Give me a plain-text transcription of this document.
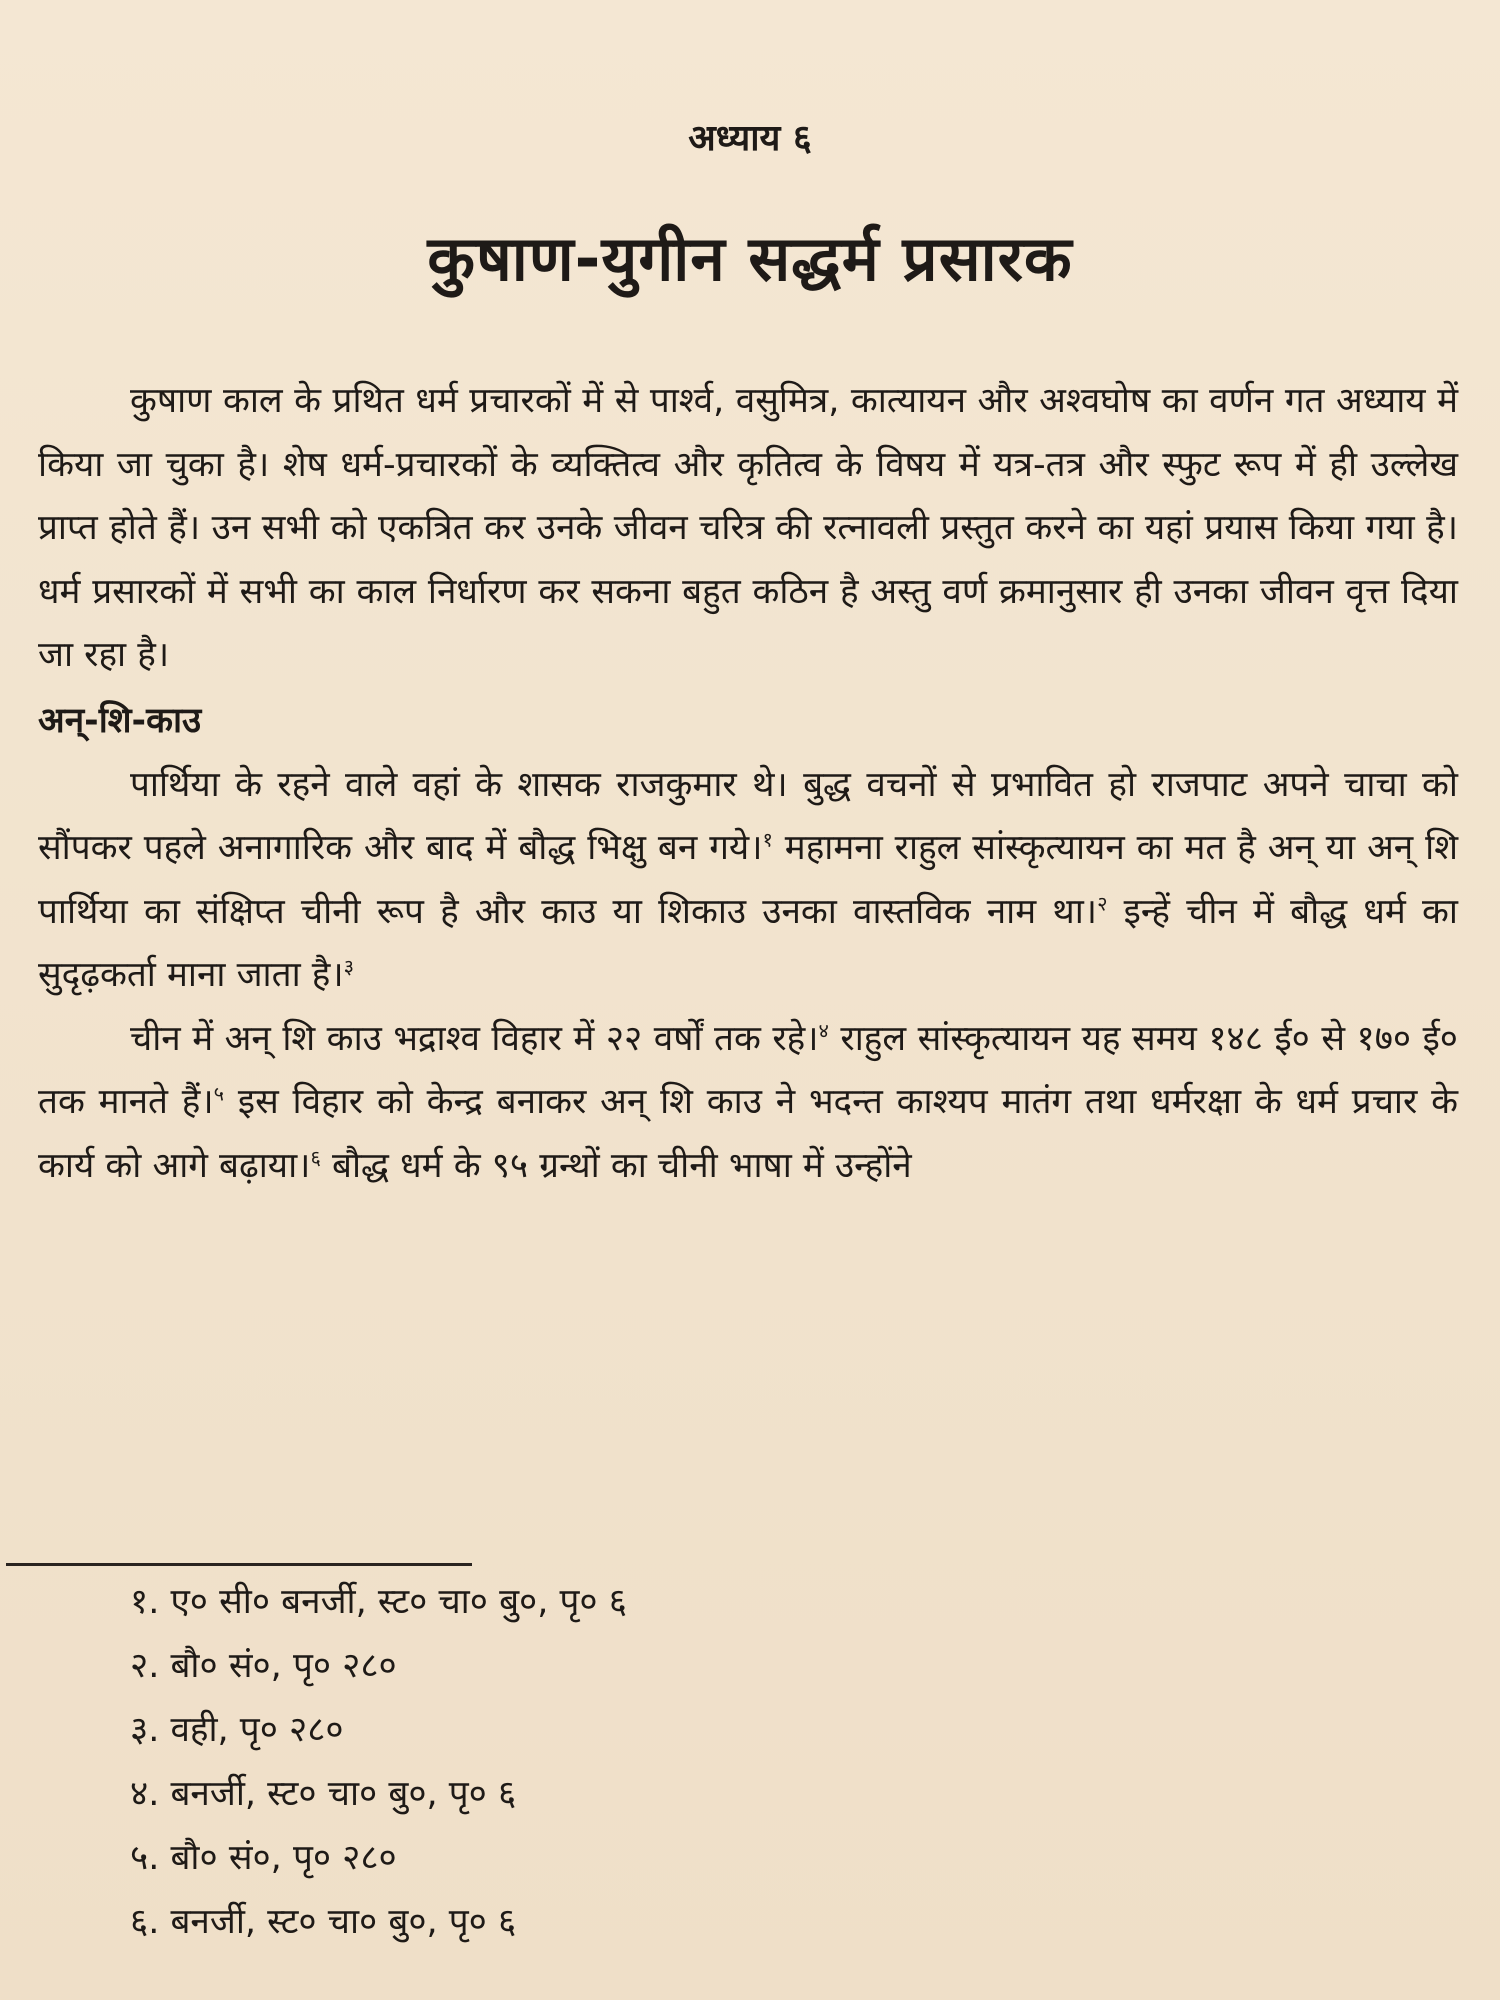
अध्याय ६
कुषाण-युगीन सद्धर्म प्रसारक

कुषाण काल के प्रथित धर्म प्रचारकों में से पार्श्व, वसुमित्र, कात्यायन और अश्वघोष का वर्णन गत अध्याय में किया जा चुका है। शेष धर्म-प्रचारकों के व्यक्तित्व और कृतित्व के विषय में यत्र-तत्र और स्फुट रूप में ही उल्लेख प्राप्त होते हैं। उन सभी को एकत्रित कर उनके जीवन चरित्र की रत्नावली प्रस्तुत करने का यहां प्रयास किया गया है। धर्म प्रसारकों में सभी का काल निर्धारण कर सकना बहुत कठिन है अस्तु वर्ण क्रमानुसार ही उनका जीवन वृत्त दिया जा रहा है।

अन्-शि-काउ

पार्थिया के रहने वाले वहां के शासक राजकुमार थे। बुद्ध वचनों से प्रभावित हो राजपाट अपने चाचा को सौंपकर पहले अनागारिक और बाद में बौद्ध भिक्षु बन गये।$^१$ महामना राहुल सांस्कृत्यायन का मत है अन् या अन् शि पार्थिया का संक्षिप्त चीनी रूप है और काउ या शिकाउ उनका वास्तविक नाम था।$^२$ इन्हें चीन में बौद्ध धर्म का सुदृढ़कर्ता माना जाता है।$^३$

चीन में अन् शि काउ भद्राश्व विहार में २२ वर्षों तक रहे।$^४$ राहुल सांस्कृत्यायन यह समय १४८ ई० से १७० ई० तक मानते हैं।$^५$ इस विहार को केन्द्र बनाकर अन् शि काउ ने भदन्त काश्यप मातंग तथा धर्मरक्षा के धर्म प्रचार के कार्य को आगे बढ़ाया।$^६$ बौद्ध धर्म के ९५ ग्रन्थों का चीनी भाषा में उन्होंने

१. ए० सी० बनर्जी, स्ट० चा० बु०, पृ० ६
२. बौ० सं०, पृ० २८०
३. वही, पृ० २८०
४. बनर्जी, स्ट० चा० बु०, पृ० ६
५. बौ० सं०, पृ० २८०
६. बनर्जी, स्ट० चा० बु०, पृ० ६
